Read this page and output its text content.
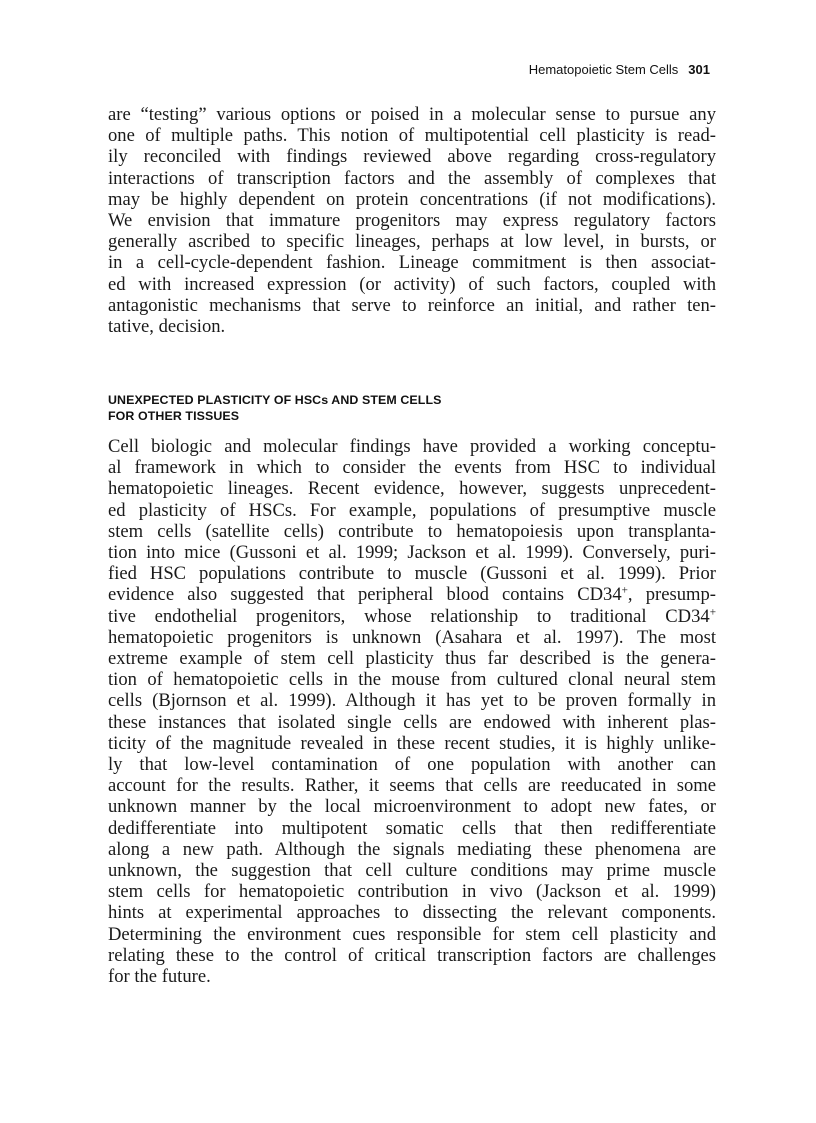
Hematopoietic Stem Cells 301
are “testing” various options or poised in a molecular sense to pursue any
one of multiple paths. This notion of multipotential cell plasticity is read-
ily reconciled with findings reviewed above regarding cross-regulatory
interactions of transcription factors and the assembly of complexes that
may be highly dependent on protein concentrations (if not modifications).
We envision that immature progenitors may express regulatory factors
generally ascribed to specific lineages, perhaps at low level, in bursts, or
in a cell-cycle-dependent fashion. Lineage commitment is then associat-
ed with increased expression (or activity) of such factors, coupled with
antagonistic mechanisms that serve to reinforce an initial, and rather ten-
tative, decision.
UNEXPECTED PLASTICITY OF HSCs AND STEM CELLS
FOR OTHER TISSUES
Cell biologic and molecular findings have provided a working conceptu-
al framework in which to consider the events from HSC to individual
hematopoietic lineages. Recent evidence, however, suggests unprecedent-
ed plasticity of HSCs. For example, populations of presumptive muscle
stem cells (satellite cells) contribute to hematopoiesis upon transplanta-
tion into mice (Gussoni et al. 1999; Jackson et al. 1999). Conversely, puri-
fied HSC populations contribute to muscle (Gussoni et al. 1999). Prior
evidence also suggested that peripheral blood contains CD34+, presump-
tive endothelial progenitors, whose relationship to traditional CD34+
hematopoietic progenitors is unknown (Asahara et al. 1997). The most
extreme example of stem cell plasticity thus far described is the genera-
tion of hematopoietic cells in the mouse from cultured clonal neural stem
cells (Bjornson et al. 1999). Although it has yet to be proven formally in
these instances that isolated single cells are endowed with inherent plas-
ticity of the magnitude revealed in these recent studies, it is highly unlike-
ly that low-level contamination of one population with another can
account for the results. Rather, it seems that cells are reeducated in some
unknown manner by the local microenvironment to adopt new fates, or
dedifferentiate into multipotent somatic cells that then redifferentiate
along a new path. Although the signals mediating these phenomena are
unknown, the suggestion that cell culture conditions may prime muscle
stem cells for hematopoietic contribution in vivo (Jackson et al. 1999)
hints at experimental approaches to dissecting the relevant components.
Determining the environment cues responsible for stem cell plasticity and
relating these to the control of critical transcription factors are challenges
for the future.
